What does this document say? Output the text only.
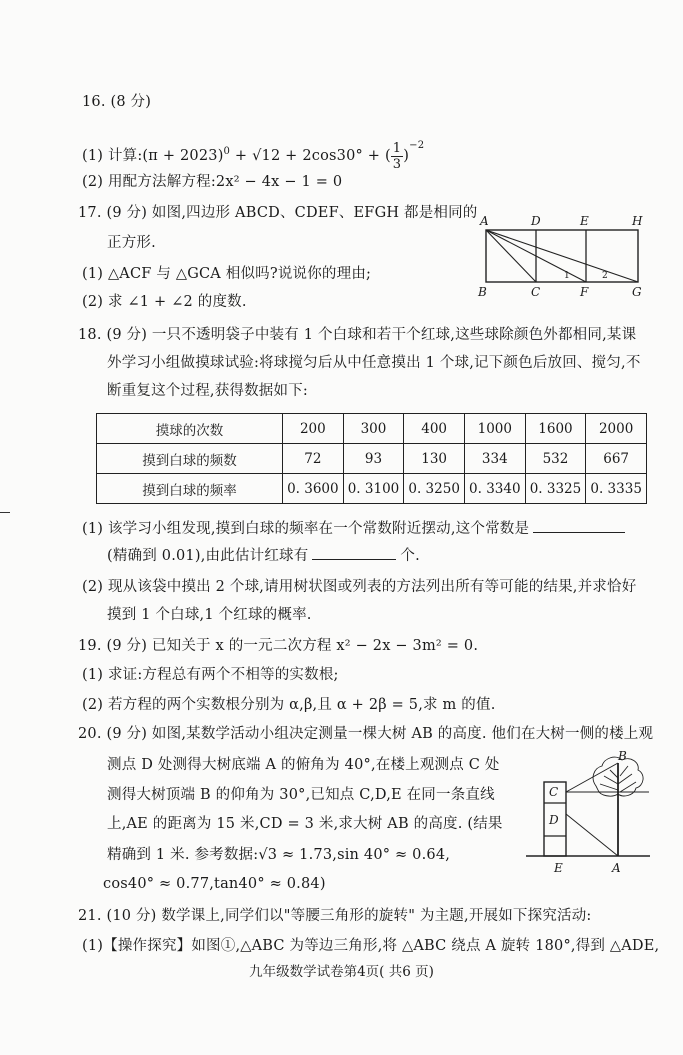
16. (8 分)
(1) 计算:(π + 2023)$^0$ + √12 + 2cos30° + ( $\frac{1}{3} )^{-2}$
(2) 用配方法解方程:2x² − 4x − 1 = 0
17. (9 分) 如图,四边形 ABCD、CDEF、EFGH 都是相同的
正方形.
(1) △ACF 与 △GCA 相似吗?说说你的理由;
(2) 求 ∠1 + ∠2 的度数.
A	D	E	H
B	C	F	G
1	2
18. (9 分) 一只不透明袋子中装有 1 个白球和若干个红球,这些球除颜色外都相同,某课
外学习小组做摸球试验:将球搅匀后从中任意摸出 1 个球,记下颜色后放回、搅匀,不
断重复这个过程,获得数据如下:
摸球的次数	200	300	400	1000	1600	2000
摸到白球的频数	72	93	130	334	532	667
摸到白球的频率	0. 3600	0. 3100	0. 3250	0. 3340	0. 3325	0. 3335
(1) 该学习小组发现,摸到白球的频率在一个常数附近摆动,这个常数是
(精确到 0.01),由此估计红球有	个.
(2) 现从该袋中摸出 2 个球,请用树状图或列表的方法列出所有等可能的结果,并求恰好
摸到 1 个白球,1 个红球的概率.
19. (9 分) 已知关于 x 的一元二次方程 x² − 2x − 3m² = 0.
(1) 求证:方程总有两个不相等的实数根;
(2) 若方程的两个实数根分别为 α,β,且 α + 2β = 5,求 m 的值.
20. (9 分) 如图,某数学活动小组决定测量一棵大树 AB 的高度. 他们在大树一侧的楼上观
测点 D 处测得大树底端 A 的俯角为 40°,在楼上观测点 C 处
测得大树顶端 B 的仰角为 30°,已知点 C,D,E 在同一条直线
上,AE 的距离为 15 米,CD = 3 米,求大树 AB 的高度. (结果
精确到 1 米. 参考数据:√3 ≈ 1.73,sin 40° ≈ 0.64,
cos40° ≈ 0.77,tan40° ≈ 0.84)
C
D
B
E	A
21. (10 分) 数学课上,同学们以"等腰三角形的旋转" 为主题,开展如下探究活动:
(1)【操作探究】如图①,△ABC 为等边三角形,将 △ABC 绕点 A 旋转 180°,得到 △ADE,
九年级数学试卷第4页( 共6 页)
